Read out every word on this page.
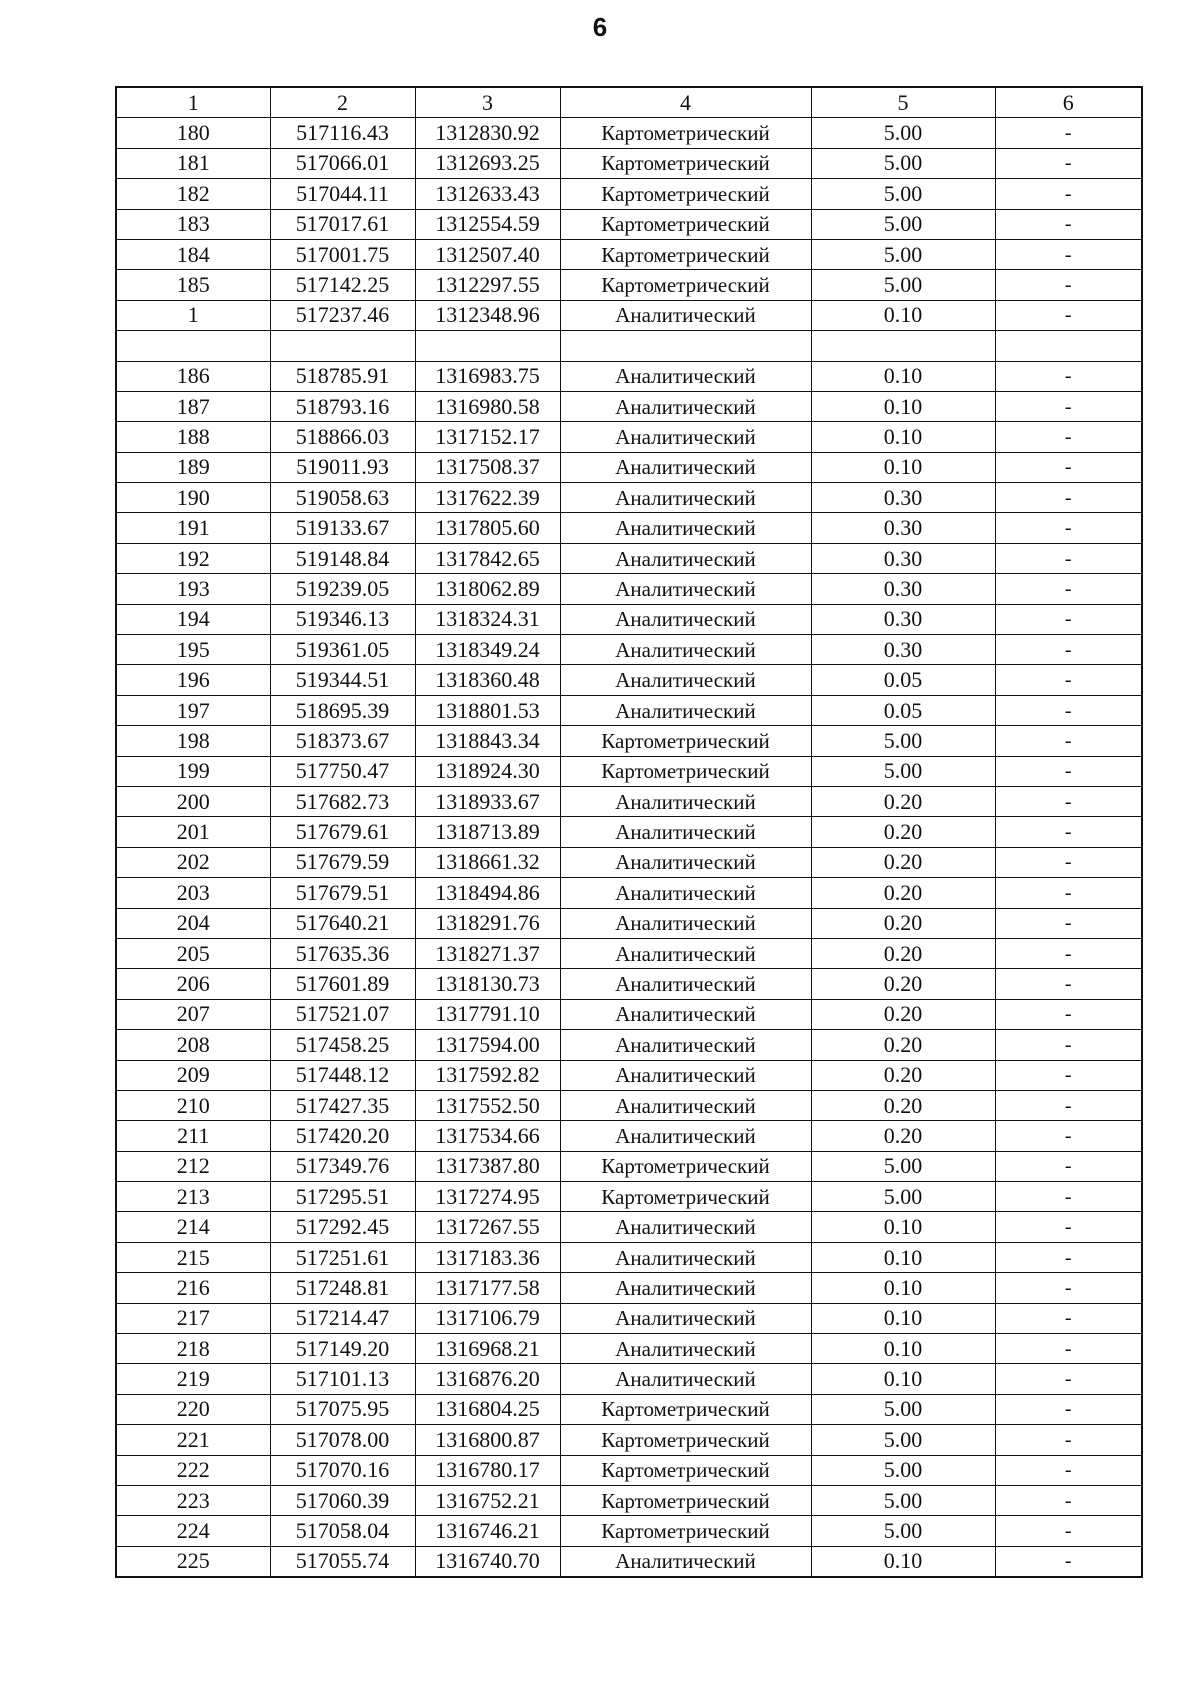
6
1	2	3	4	5	6
180	517116.43	1312830.92	Картометрический	5.00	-
181	517066.01	1312693.25	Картометрический	5.00	-
182	517044.11	1312633.43	Картометрический	5.00	-
183	517017.61	1312554.59	Картометрический	5.00	-
184	517001.75	1312507.40	Картометрический	5.00	-
185	517142.25	1312297.55	Картометрический	5.00	-
1	517237.46	1312348.96	Аналитический	0.10	-

186	518785.91	1316983.75	Аналитический	0.10	-
187	518793.16	1316980.58	Аналитический	0.10	-
188	518866.03	1317152.17	Аналитический	0.10	-
189	519011.93	1317508.37	Аналитический	0.10	-
190	519058.63	1317622.39	Аналитический	0.30	-
191	519133.67	1317805.60	Аналитический	0.30	-
192	519148.84	1317842.65	Аналитический	0.30	-
193	519239.05	1318062.89	Аналитический	0.30	-
194	519346.13	1318324.31	Аналитический	0.30	-
195	519361.05	1318349.24	Аналитический	0.30	-
196	519344.51	1318360.48	Аналитический	0.05	-
197	518695.39	1318801.53	Аналитический	0.05	-
198	518373.67	1318843.34	Картометрический	5.00	-
199	517750.47	1318924.30	Картометрический	5.00	-
200	517682.73	1318933.67	Аналитический	0.20	-
201	517679.61	1318713.89	Аналитический	0.20	-
202	517679.59	1318661.32	Аналитический	0.20	-
203	517679.51	1318494.86	Аналитический	0.20	-
204	517640.21	1318291.76	Аналитический	0.20	-
205	517635.36	1318271.37	Аналитический	0.20	-
206	517601.89	1318130.73	Аналитический	0.20	-
207	517521.07	1317791.10	Аналитический	0.20	-
208	517458.25	1317594.00	Аналитический	0.20	-
209	517448.12	1317592.82	Аналитический	0.20	-
210	517427.35	1317552.50	Аналитический	0.20	-
211	517420.20	1317534.66	Аналитический	0.20	-
212	517349.76	1317387.80	Картометрический	5.00	-
213	517295.51	1317274.95	Картометрический	5.00	-
214	517292.45	1317267.55	Аналитический	0.10	-
215	517251.61	1317183.36	Аналитический	0.10	-
216	517248.81	1317177.58	Аналитический	0.10	-
217	517214.47	1317106.79	Аналитический	0.10	-
218	517149.20	1316968.21	Аналитический	0.10	-
219	517101.13	1316876.20	Аналитический	0.10	-
220	517075.95	1316804.25	Картометрический	5.00	-
221	517078.00	1316800.87	Картометрический	5.00	-
222	517070.16	1316780.17	Картометрический	5.00	-
223	517060.39	1316752.21	Картометрический	5.00	-
224	517058.04	1316746.21	Картометрический	5.00	-
225	517055.74	1316740.70	Аналитический	0.10	-
